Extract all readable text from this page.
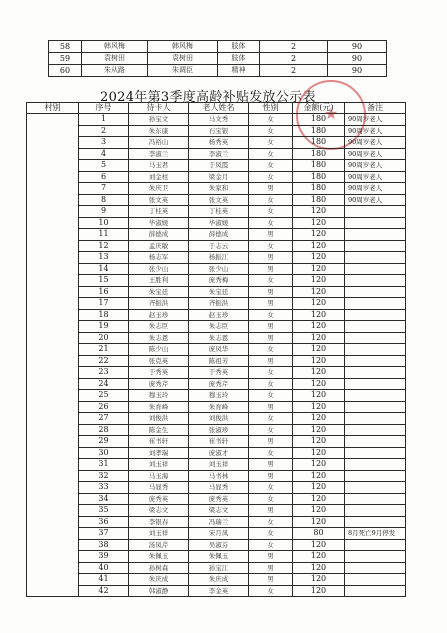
58	韩风梅	韩风梅	肢体	2	90
59	袁树田	袁树田	肢体	2	90
60	朱从路	朱调臣	精神	2	90
2024年第3季度高龄补贴发放公示表
★
村别	序号	待卡人	老人姓名	性别	金额(元)	备注
	1	孙宝文	马文秀	女	180	90周岁老人
	2	朱东康	石宝银	女	180	90周岁老人
	3	冯裕山	杨秀英	女	180	90周岁老人
	4	李淑兰	李淑兰	女	180	90周岁老人
	5	马玉君	于凤霞	女	180	90周岁老人
	6	刘金柱	梁金月	女	180	90周岁老人
	7	朱庆卫	朱家和	男	180	90周岁老人
	8	张文英	张文英	女	180	90周岁老人
	9	丁桂英	丁桂英	女	120	
	10	毕淑媛	毕淑媛	女	120	
	11	薛德成	薛德成	男	120	
	12	孟庆敏	于志云	女	120	
	13	杨志军	杨振江	男	120	
	14	张少山	张少山	男	120	
	15	王胜利	庞秀梅	女	120	
	16	朱宝廷	朱宝廷	男	120	
	17	齐振洪	齐振洪	男	120	
	18	赵玉珍	赵玉珍	女	120	
	19	朱志臣	朱志臣	男	120	
	20	朱志恩	朱志恩	男	120	
	21	陈少山	庞凤华	女	120	
	22	张克英	陈祖芳	男	120	
	23	于秀英	于秀英	女	120	
	24	庞秀芹	庞秀芹	女	120	
	25	穆玉玲	穆玉玲	女	120	
	26	朱育峰	朱育峰	男	120	
	27	刘俊洪	刘俊洪	女	120	
	28	陈金生	张淑珍	女	120	
	29	崔书轩	崔书轩	男	120	
	30	刘孝瑞	庞淑才	女	120	
	31	刘玉祥	刘玉祥	男	120	
	32	马玉海	马书林	男	120	
	33	马显秀	马显秀	女	120	
	34	庞秀英	庞秀英	女	120	
	35	梁志文	梁志文	男	120	
	36	李银春	冯瑞兰	女	120	
	37	刘玉祥	宋月凤	女	80	8月死亡9月停发
	38	汤凤芹	吴淑芬	女	120	
	39	朱佩玉	朱佩玉	男	120	
	40	孙树森	孙宝江	男	120	
	41	朱庆成	朱庆成	男	120	
	42	韩淑静	李金英	女	120	
